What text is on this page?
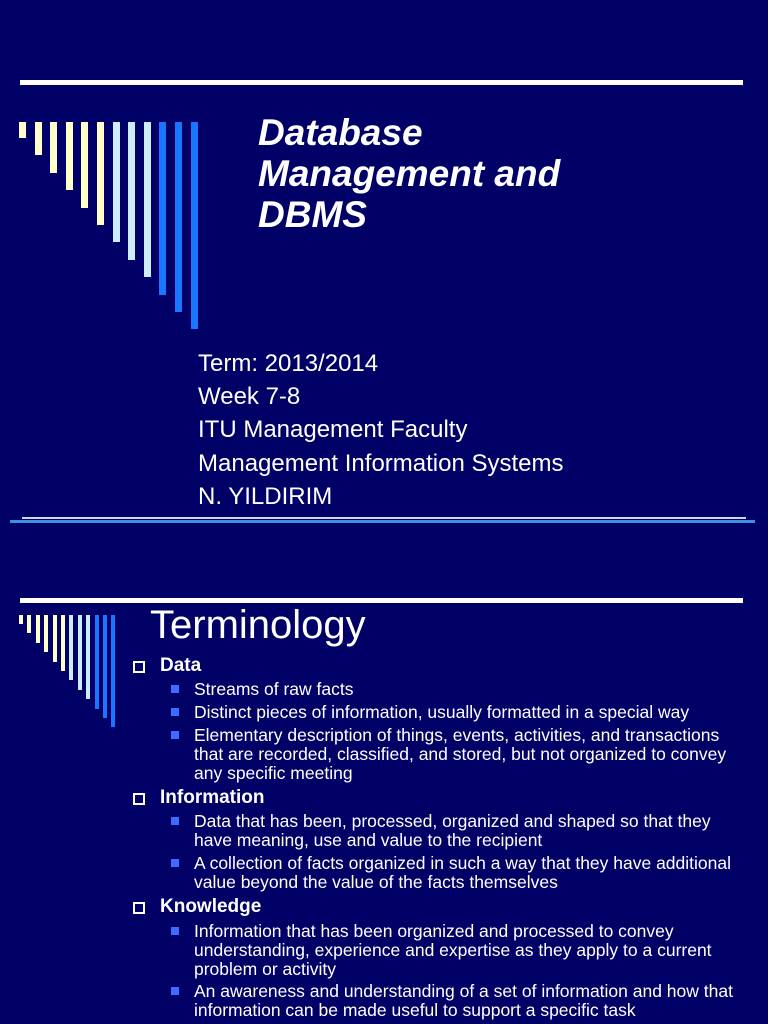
Database
Management and
DBMS
Term: 2013/2014
Week 7-8
ITU Management Faculty
Management Information Systems
N. YILDIRIM
Terminology
Data
Streams of raw facts
Distinct pieces of information, usually formatted in a special way
Elementary description of things, events, activities, and transactions that are recorded, classified, and stored, but not organized to convey any specific meeting
Information
Data that has been, processed, organized and shaped so that they have meaning, use and value to the recipient
A collection of facts organized in such a way that they have additional value beyond the value of the facts themselves
Knowledge
Information that has been organized and processed to convey understanding, experience and expertise as they apply to a current problem or activity
An awareness and understanding of a set of information and how that information can be made useful to support a specific task
